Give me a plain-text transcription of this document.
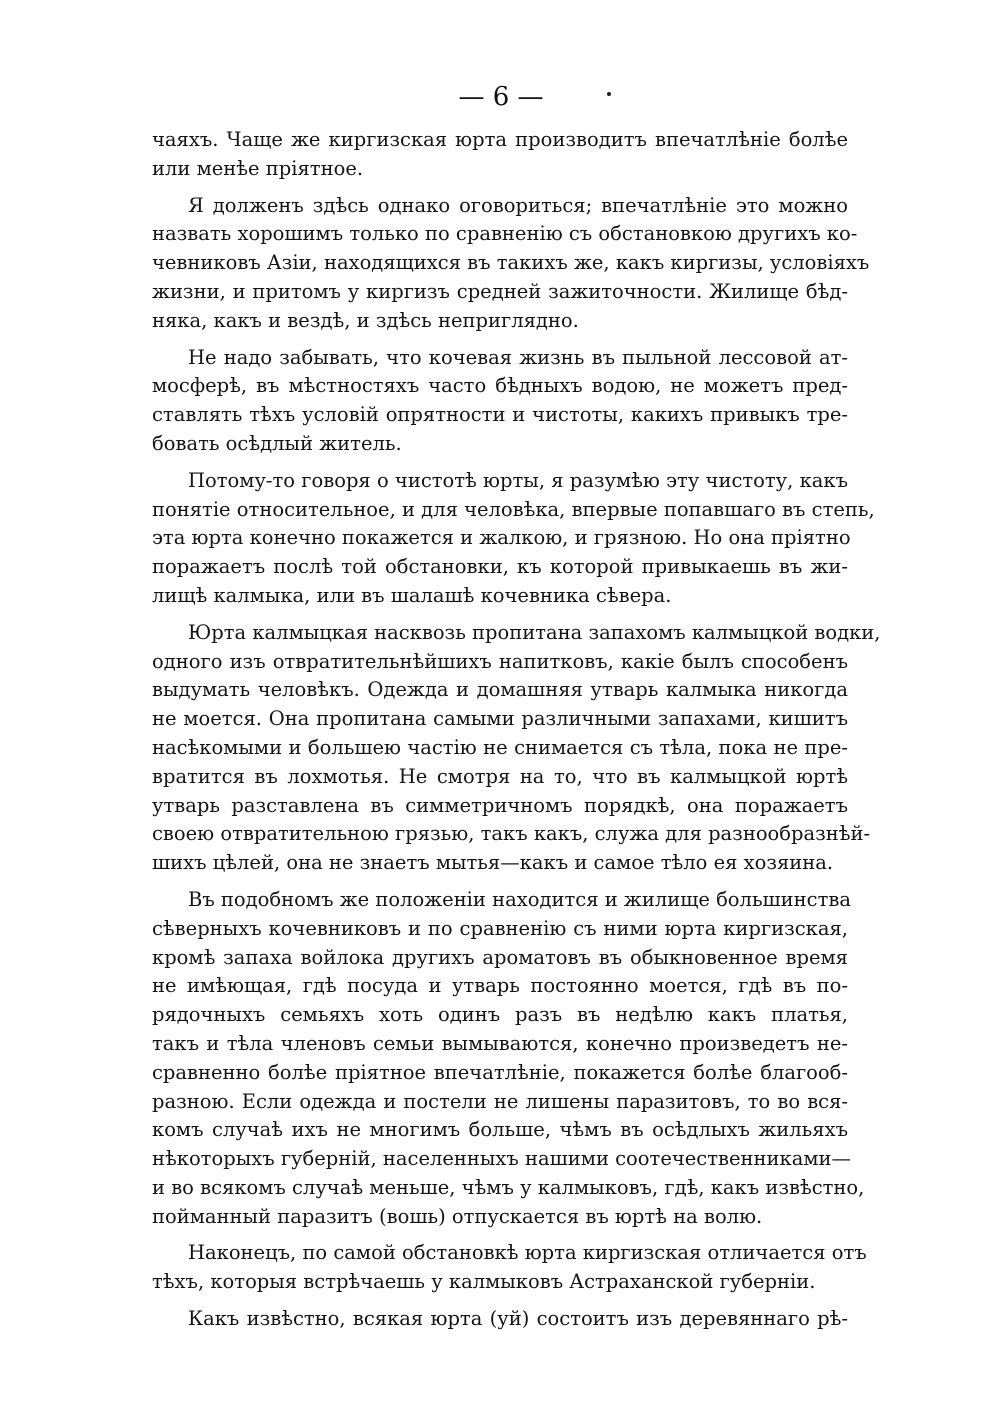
— 6 —
чаяхъ. Чаще же киргизская юрта производитъ впечатлѣніе болѣе
или менѣе пріятное.
Я долженъ здѣсь однако оговориться; впечатлѣніе это можно
назвать хорошимъ только по сравненію съ обстановкою другихъ ко-
чевниковъ Азіи, находящихся въ такихъ же, какъ киргизы, условіяхъ
жизни, и притомъ у киргизъ средней зажиточности. Жилище бѣд-
няка, какъ и вездѣ, и здѣсь неприглядно.
Не надо забывать, что кочевая жизнь въ пыльной лессовой ат-
мосферѣ, въ мѣстностяхъ часто бѣдныхъ водою, не можетъ пред-
ставлять тѣхъ условій опрятности и чистоты, какихъ привыкъ тре-
бовать осѣдлый житель.
Потому-то говоря о чистотѣ юрты, я разумѣю эту чистоту, какъ
понятіе относительное, и для человѣка, впервые попавшаго въ степь,
эта юрта конечно покажется и жалкою, и грязною. Но она пріятно
поражаетъ послѣ той обстановки, къ которой привыкаешь въ жи-
лищѣ калмыка, или въ шалашѣ кочевника сѣвера.
Юрта калмыцкая насквозь пропитана запахомъ калмыцкой водки,
одного изъ отвратительнѣйшихъ напитковъ, какіе былъ способенъ
выдумать человѣкъ. Одежда и домашняя утварь калмыка никогда
не моется. Она пропитана самыми различными запахами, кишитъ
насѣкомыми и большею частію не снимается съ тѣла, пока не пре-
вратится въ лохмотья. Не смотря на то, что въ калмыцкой юртѣ
утварь разставлена въ симметричномъ порядкѣ, она поражаетъ
своею отвратительною грязью, такъ какъ, служа для разнообразнѣй-
шихъ цѣлей, она не знаетъ мытья—какъ и самое тѣло ея хозяина.
Въ подобномъ же положеніи находится и жилище большинства
сѣверныхъ кочевниковъ и по сравненію съ ними юрта киргизская,
кромѣ запаха войлока другихъ ароматовъ въ обыкновенное время
не имѣющая, гдѣ посуда и утварь постоянно моется, гдѣ въ по-
рядочныхъ семьяхъ хоть одинъ разъ въ недѣлю какъ платья,
такъ и тѣла членовъ семьи вымываются, конечно произведетъ не-
сравненно болѣе пріятное впечатлѣніе, покажется болѣе благооб-
разною. Если одежда и постели не лишены паразитовъ, то во вся-
комъ случаѣ ихъ не многимъ больше, чѣмъ въ осѣдлыхъ жильяхъ
нѣкоторыхъ губерній, населенныхъ нашими соотечественниками—
и во всякомъ случаѣ меньше, чѣмъ у калмыковъ, гдѣ, какъ извѣстно,
пойманный паразитъ (вошь) отпускается въ юртѣ на волю.
Наконецъ, по самой обстановкѣ юрта киргизская отличается отъ
тѣхъ, которыя встрѣчаешь у калмыковъ Астраханской губерніи.
Какъ извѣстно, всякая юрта (уй) состоитъ изъ деревяннаго рѣ-
